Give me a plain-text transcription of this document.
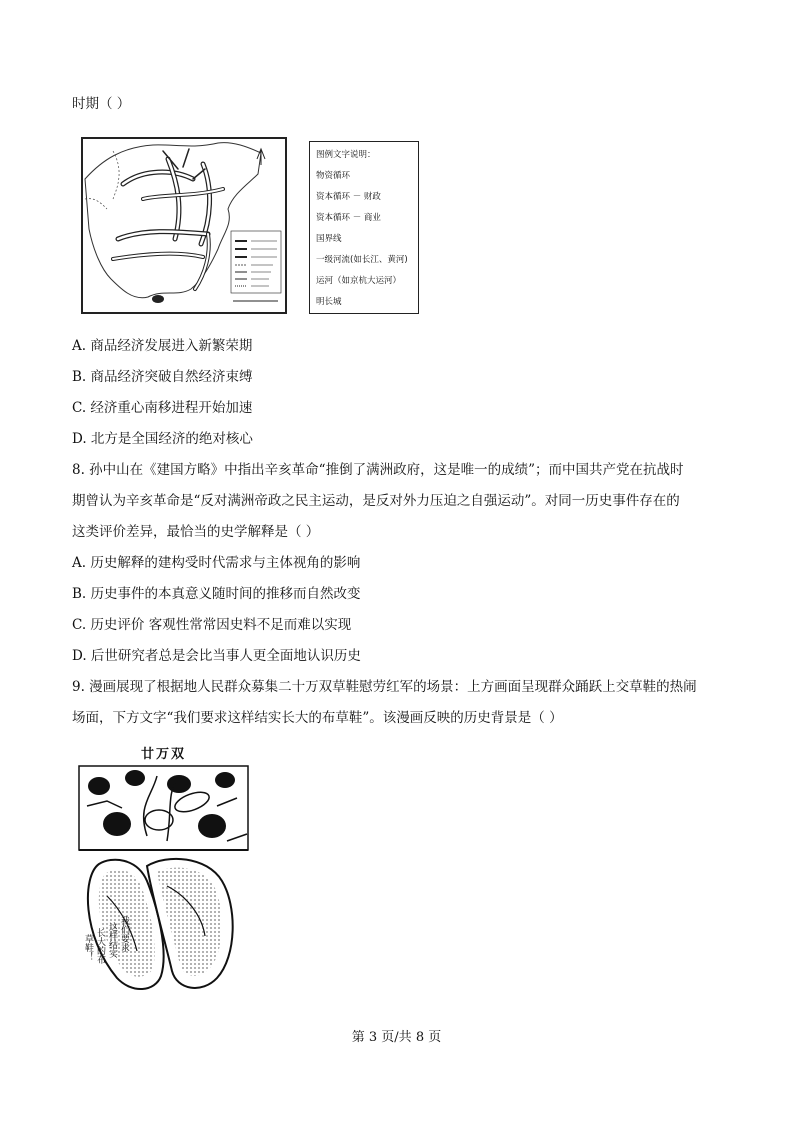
时期（ ）
图例文字说明：
物资循环
资本循环 － 财政
资本循环 － 商业
国界线
一级河流(如长江、黄河)
运河（如京杭大运河）
明长城
A. 商品经济发展进入新繁荣期
B. 商品经济突破自然经济束缚
C. 经济重心南移进程开始加速
D. 北方是全国经济的绝对核心
8. 孙中山在《建国方略》中指出辛亥革命“推倒了满洲政府，这是唯一的成绩”；而中国共产党在抗战时
期曾认为辛亥革命是“反对满洲帝政之民主运动，是反对外力压迫之自强运动”。对同一历史事件存在的
这类评价差异，最恰当的史学解释是（ ）
A. 历史解释的建构受时代需求与主体视角的影响
B. 历史事件的本真意义随时间的推移而自然改变
C. 历史评价 客观性常常因史料不足而难以实现
D. 后世研究者总是会比当事人更全面地认识历史
9. 漫画展现了根据地人民群众募集二十万双草鞋慰劳红军的场景：上方画面呈现群众踊跃上交草鞋的热闹
场面，下方文字“我们要求这样结实长大的布草鞋”。该漫画反映的历史背景是（ ）
廿万双
草鞋！ 长大的布 这样结实 我们要求
第 3 页/共 8 页
